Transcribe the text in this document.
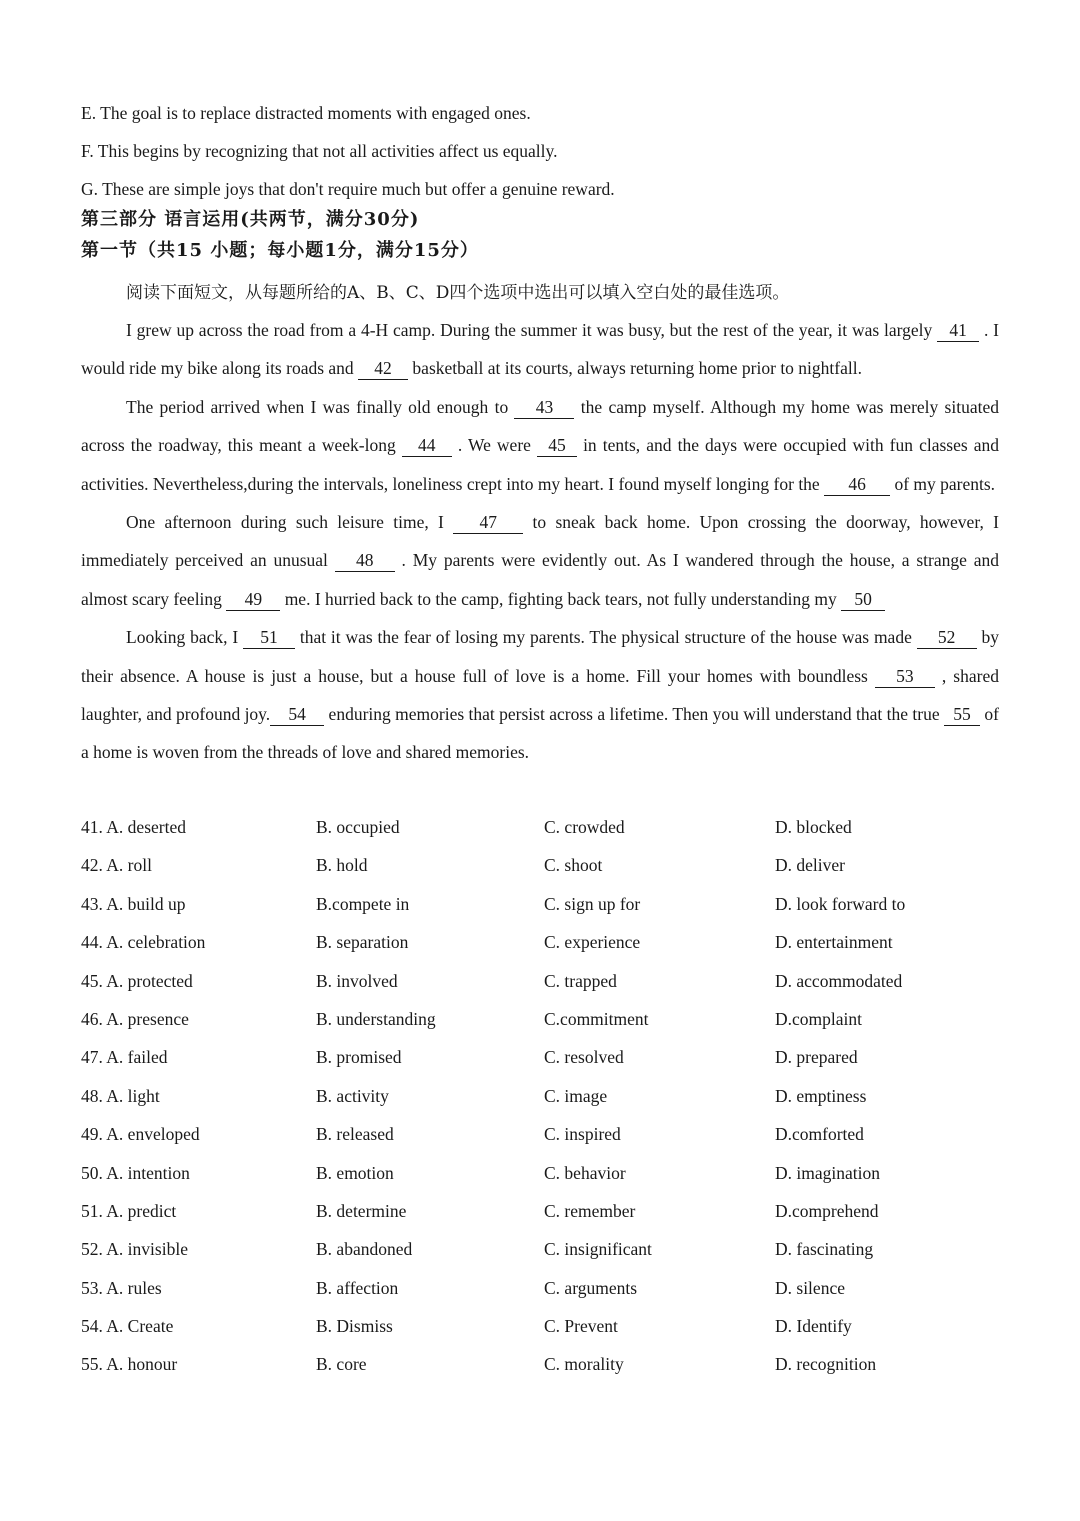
E. The goal is to replace distracted moments with engaged ones.
F. This begins by recognizing that not all activities affect us equally.
G. These are simple joys that don't require much but offer a genuine reward.
第三部分 语言运用(共两节，满分30分)
第一节（共15 小题；每小题1分，满分15分）
阅读下面短文，从每题所给的A、B、C、D四个选项中选出可以填入空白处的最佳选项。

I grew up across the road from a 4-H camp. During the summer it was busy, but the rest of the year, it was largely 41 . I would ride my bike along its roads and 42 basketball at its courts, always returning home prior to nightfall.

The period arrived when I was finally old enough to 43 the camp myself. Although my home was merely situated across the roadway, this meant a week-long 44 . We were 45 in tents, and the days were occupied with fun classes and activities. Nevertheless,during the intervals, loneliness crept into my heart. I found myself longing for the 46 of my parents.

One afternoon during such leisure time, I 47 to sneak back home. Upon crossing the doorway, however, I immediately perceived an unusual 48 . My parents were evidently out. As I wandered through the house, a strange and almost scary feeling 49 me. I hurried back to the camp, fighting back tears, not fully understanding my 50

Looking back, I 51 that it was the fear of losing my parents. The physical structure of the house was made 52 by their absence. A house is just a house, but a house full of love is a home. Fill your homes with boundless 53 , shared laughter, and profound joy. 54 enduring memories that persist across a lifetime. Then you will understand that the true 55 of a home is woven from the threads of love and shared memories.

41. A. deserted	B. occupied	C. crowded	D. blocked
42. A. roll	B. hold	C. shoot	D. deliver
43. A. build up	B.compete in	C. sign up for	D. look forward to
44. A. celebration	B. separation	C. experience	D. entertainment
45. A. protected	B. involved	C. trapped	D. accommodated
46. A. presence	B. understanding	C.commitment	D.complaint
47. A. failed	B. promised	C. resolved	D. prepared
48. A. light	B. activity	C. image	D. emptiness
49. A. enveloped	B. released	C. inspired	D.comforted
50. A. intention	B. emotion	C. behavior	D. imagination
51. A. predict	B. determine	C. remember	D.comprehend
52. A. invisible	B. abandoned	C. insignificant	D. fascinating
53. A. rules	B. affection	C. arguments	D. silence
54. A. Create	B. Dismiss	C. Prevent	D. Identify
55. A. honour	B. core	C. morality	D. recognition
